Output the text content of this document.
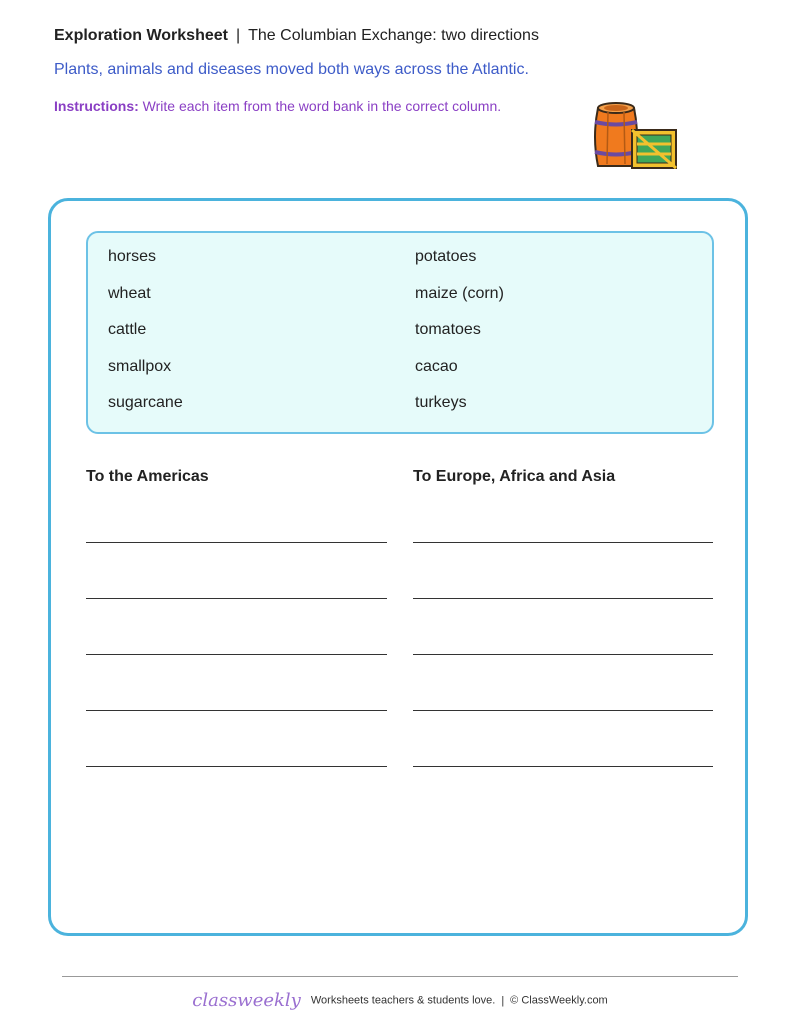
Exploration Worksheet | The Columbian Exchange: two directions
Plants, animals and diseases moved both ways across the Atlantic.
Instructions: Write each item from the word bank in the correct column.
horses
wheat
cattle
smallpox
sugarcane
potatoes
maize (corn)
tomatoes
cacao
turkeys
To the Americas	To Europe, Africa and Asia
classweekly Worksheets teachers & students love. | © ClassWeekly.com
